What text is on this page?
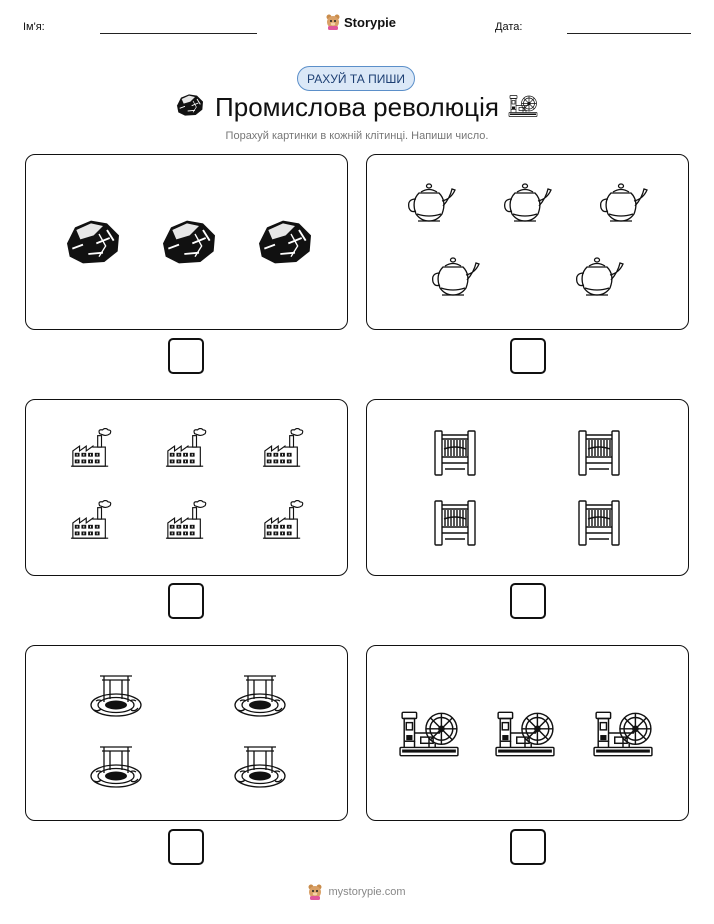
Ім'я:	Storypie	Дата:
РАХУЙ ТА ПИШИ
Промислова революція
Порахуй картинки в кожній клітинці. Напиши число.
mystorypie.com
